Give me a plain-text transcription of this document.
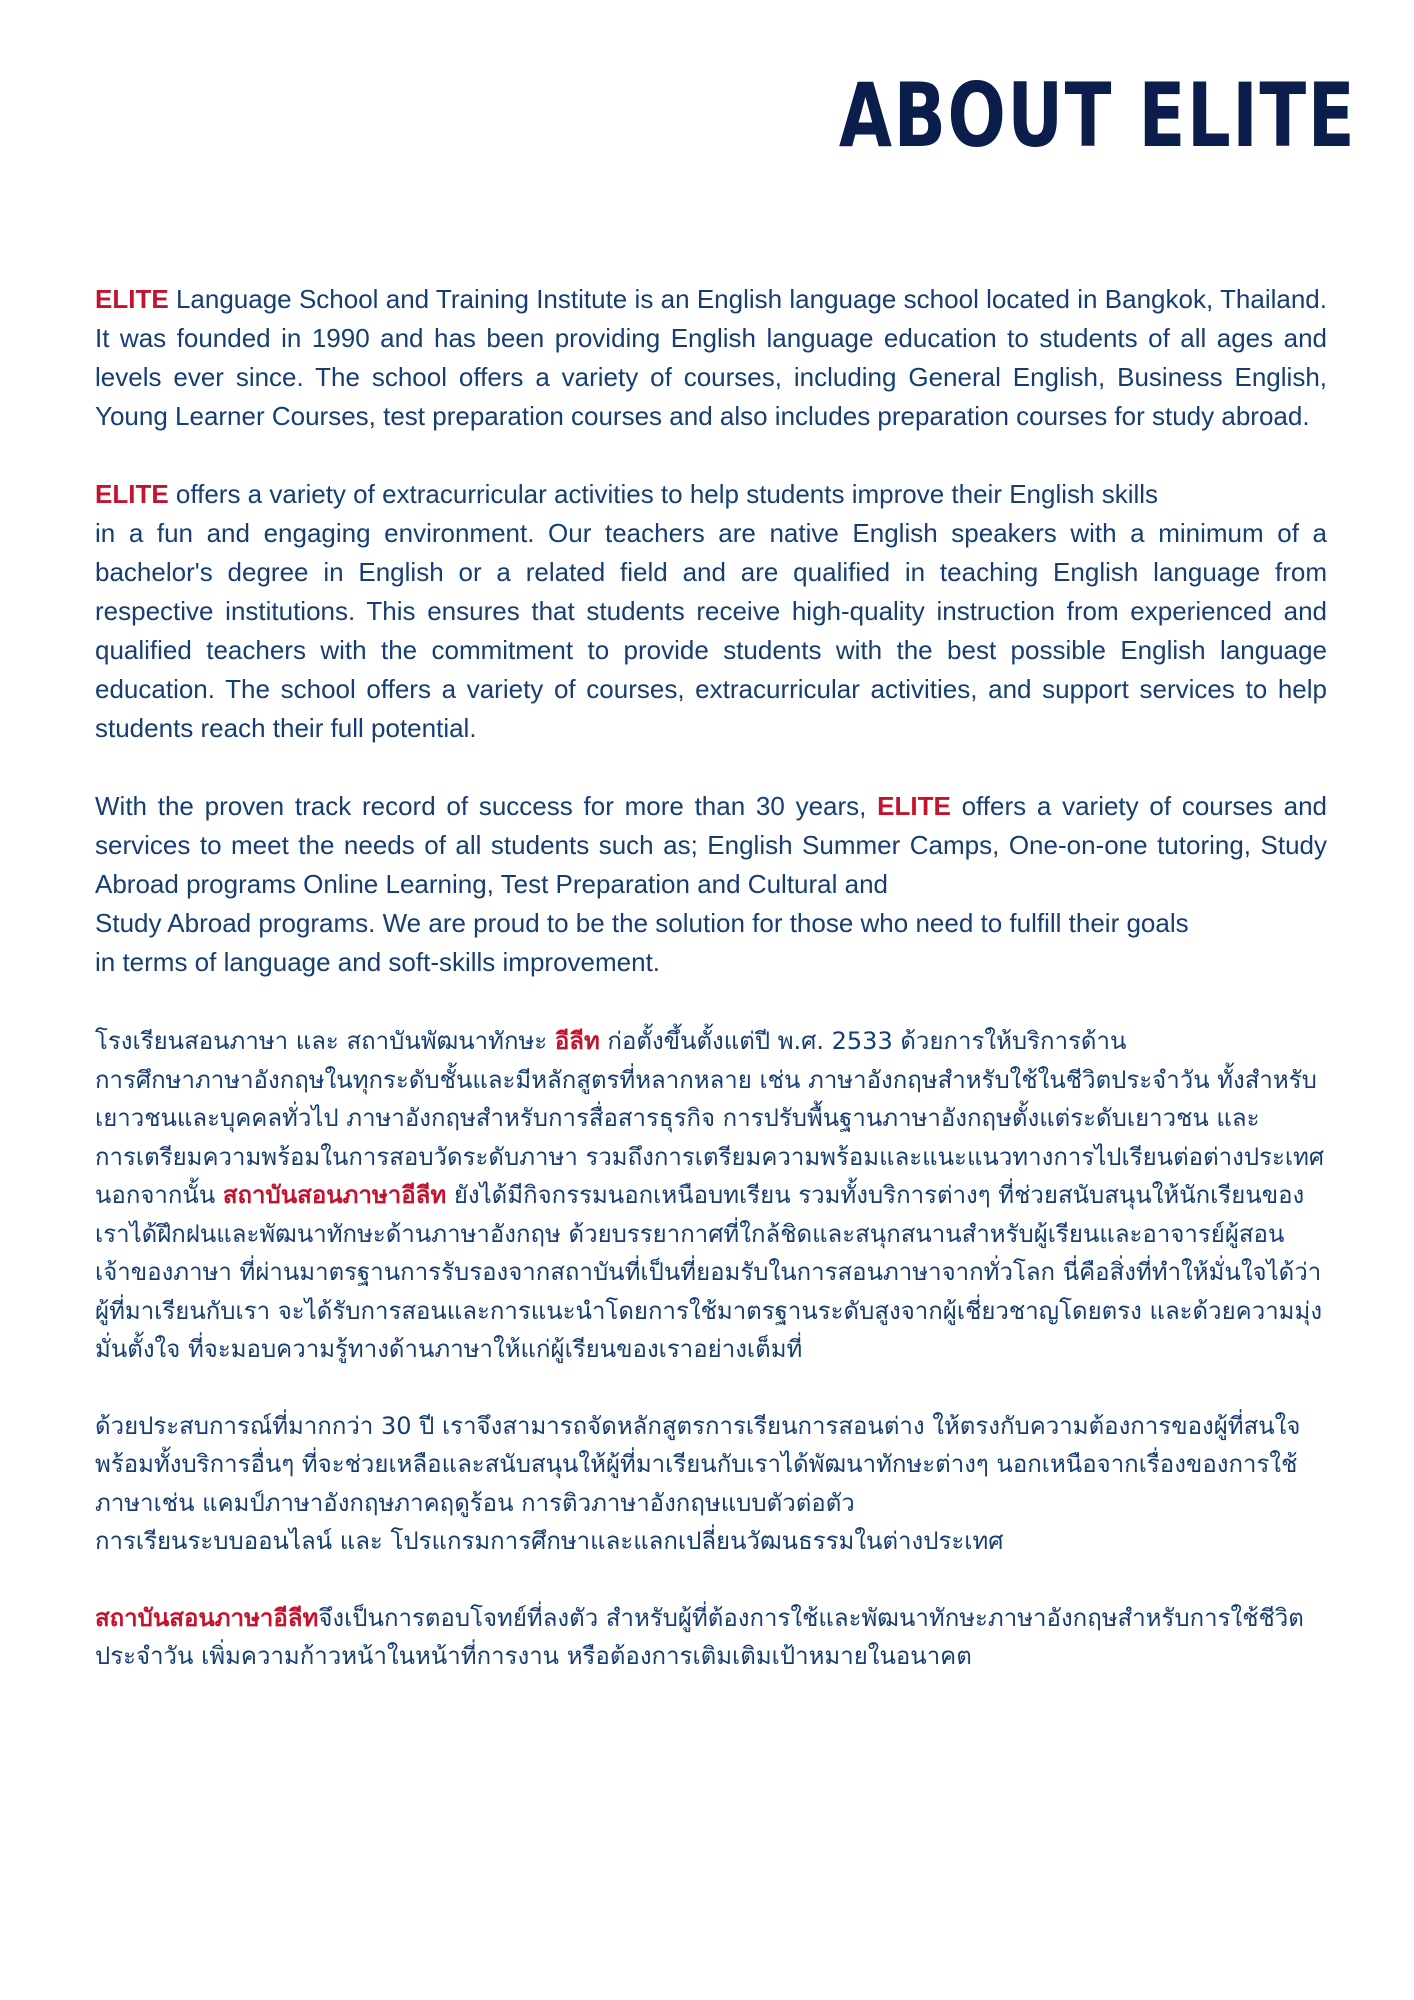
ABOUT ELITE

ELITE Language School and Training Institute is an English language school located in Bangkok, Thailand. It was founded in 1990 and has been providing English language education to students of all ages and levels ever since. The school offers a variety of courses, including General English, Business English, Young Learner Courses, test preparation courses and also includes preparation courses for study abroad.

ELITE offers a variety of extracurricular activities to help students improve their English skills
in a fun and engaging environment. Our teachers are native English speakers with a minimum of a bachelor's degree in English or a related field and are qualified in teaching English language from respective institutions. This ensures that students receive high-quality instruction from experienced and qualified teachers with the commitment to provide students with the best possible English language education. The school offers a variety of courses, extracurricular activities, and support services to help students reach their full potential.

With the proven track record of success for more than 30 years, ELITE offers a variety of courses and services to meet the needs of all students such as; English Summer Camps, One-on-one tutoring, Study Abroad programs Online Learning, Test Preparation and Cultural and
Study Abroad programs. We are proud to be the solution for those who need to fulfill their goals
in terms of language and soft-skills improvement.

โรงเรียนสอนภาษา และ สถาบันพัฒนาทักษะ อีลีท ก่อตั้งขึ้นตั้งแต่ปี พ.ศ. 2533 ด้วยการให้บริการด้าน
การศึกษาภาษาอังกฤษในทุกระดับชั้นและมีหลักสูตรที่หลากหลาย เช่น ภาษาอังกฤษสำหรับใช้ในชีวิตประจำวัน ทั้งสำหรับเยาวชนและบุคคลทั่วไป ภาษาอังกฤษสำหรับการสื่อสารธุรกิจ การปรับพื้นฐานภาษาอังกฤษตั้งแต่ระดับเยาวชน และ การเตรียมความพร้อมในการสอบวัดระดับภาษา รวมถึงการเตรียมความพร้อมและแนะแนวทางการไปเรียนต่อต่างประเทศ นอกจากนั้น สถาบันสอนภาษาอีลีท ยังได้มีกิจกรรมนอกเหนือบทเรียน รวมทั้งบริการต่างๆ ที่ช่วยสนับสนุนให้นักเรียนของเราได้ฝึกฝนและพัฒนาทักษะด้านภาษาอังกฤษ ด้วยบรรยากาศที่ใกล้ชิดและสนุกสนานสำหรับผู้เรียนและอาจารย์ผู้สอนเจ้าของภาษา ที่ผ่านมาตรฐานการรับรองจากสถาบันที่เป็นที่ยอมรับในการสอนภาษาจากทั่วโลก นี่คือสิ่งที่ทำให้มั่นใจได้ว่า ผู้ที่มาเรียนกับเรา จะได้รับการสอนและการแนะนำโดยการใช้มาตรฐานระดับสูงจากผู้เชี่ยวชาญโดยตรง และด้วยความมุ่งมั่นตั้งใจ ที่จะมอบความรู้ทางด้านภาษาให้แก่ผู้เรียนของเราอย่างเต็มที่

ด้วยประสบการณ์ที่มากกว่า 30 ปี เราจึงสามารถจัดหลักสูตรการเรียนการสอนต่าง ให้ตรงกับความต้องการของผู้ที่สนใจ พร้อมทั้งบริการอื่นๆ ที่จะช่วยเหลือและสนับสนุนให้ผู้ที่มาเรียนกับเราได้พัฒนาทักษะต่างๆ นอกเหนือจากเรื่องของการใช้ภาษาเช่น แคมป์ภาษาอังกฤษภาคฤดูร้อน การติวภาษาอังกฤษแบบตัวต่อตัว
การเรียนระบบออนไลน์ และ โปรแกรมการศึกษาและแลกเปลี่ยนวัฒนธรรมในต่างประเทศ

สถาบันสอนภาษาอีลีทจึงเป็นการตอบโจทย์ที่ลงตัว สำหรับผู้ที่ต้องการใช้และพัฒนาทักษะภาษาอังกฤษสำหรับการใช้ชีวิตประจำวัน เพิ่มความก้าวหน้าในหน้าที่การงาน หรือต้องการเติมเติมเป้าหมายในอนาคต
